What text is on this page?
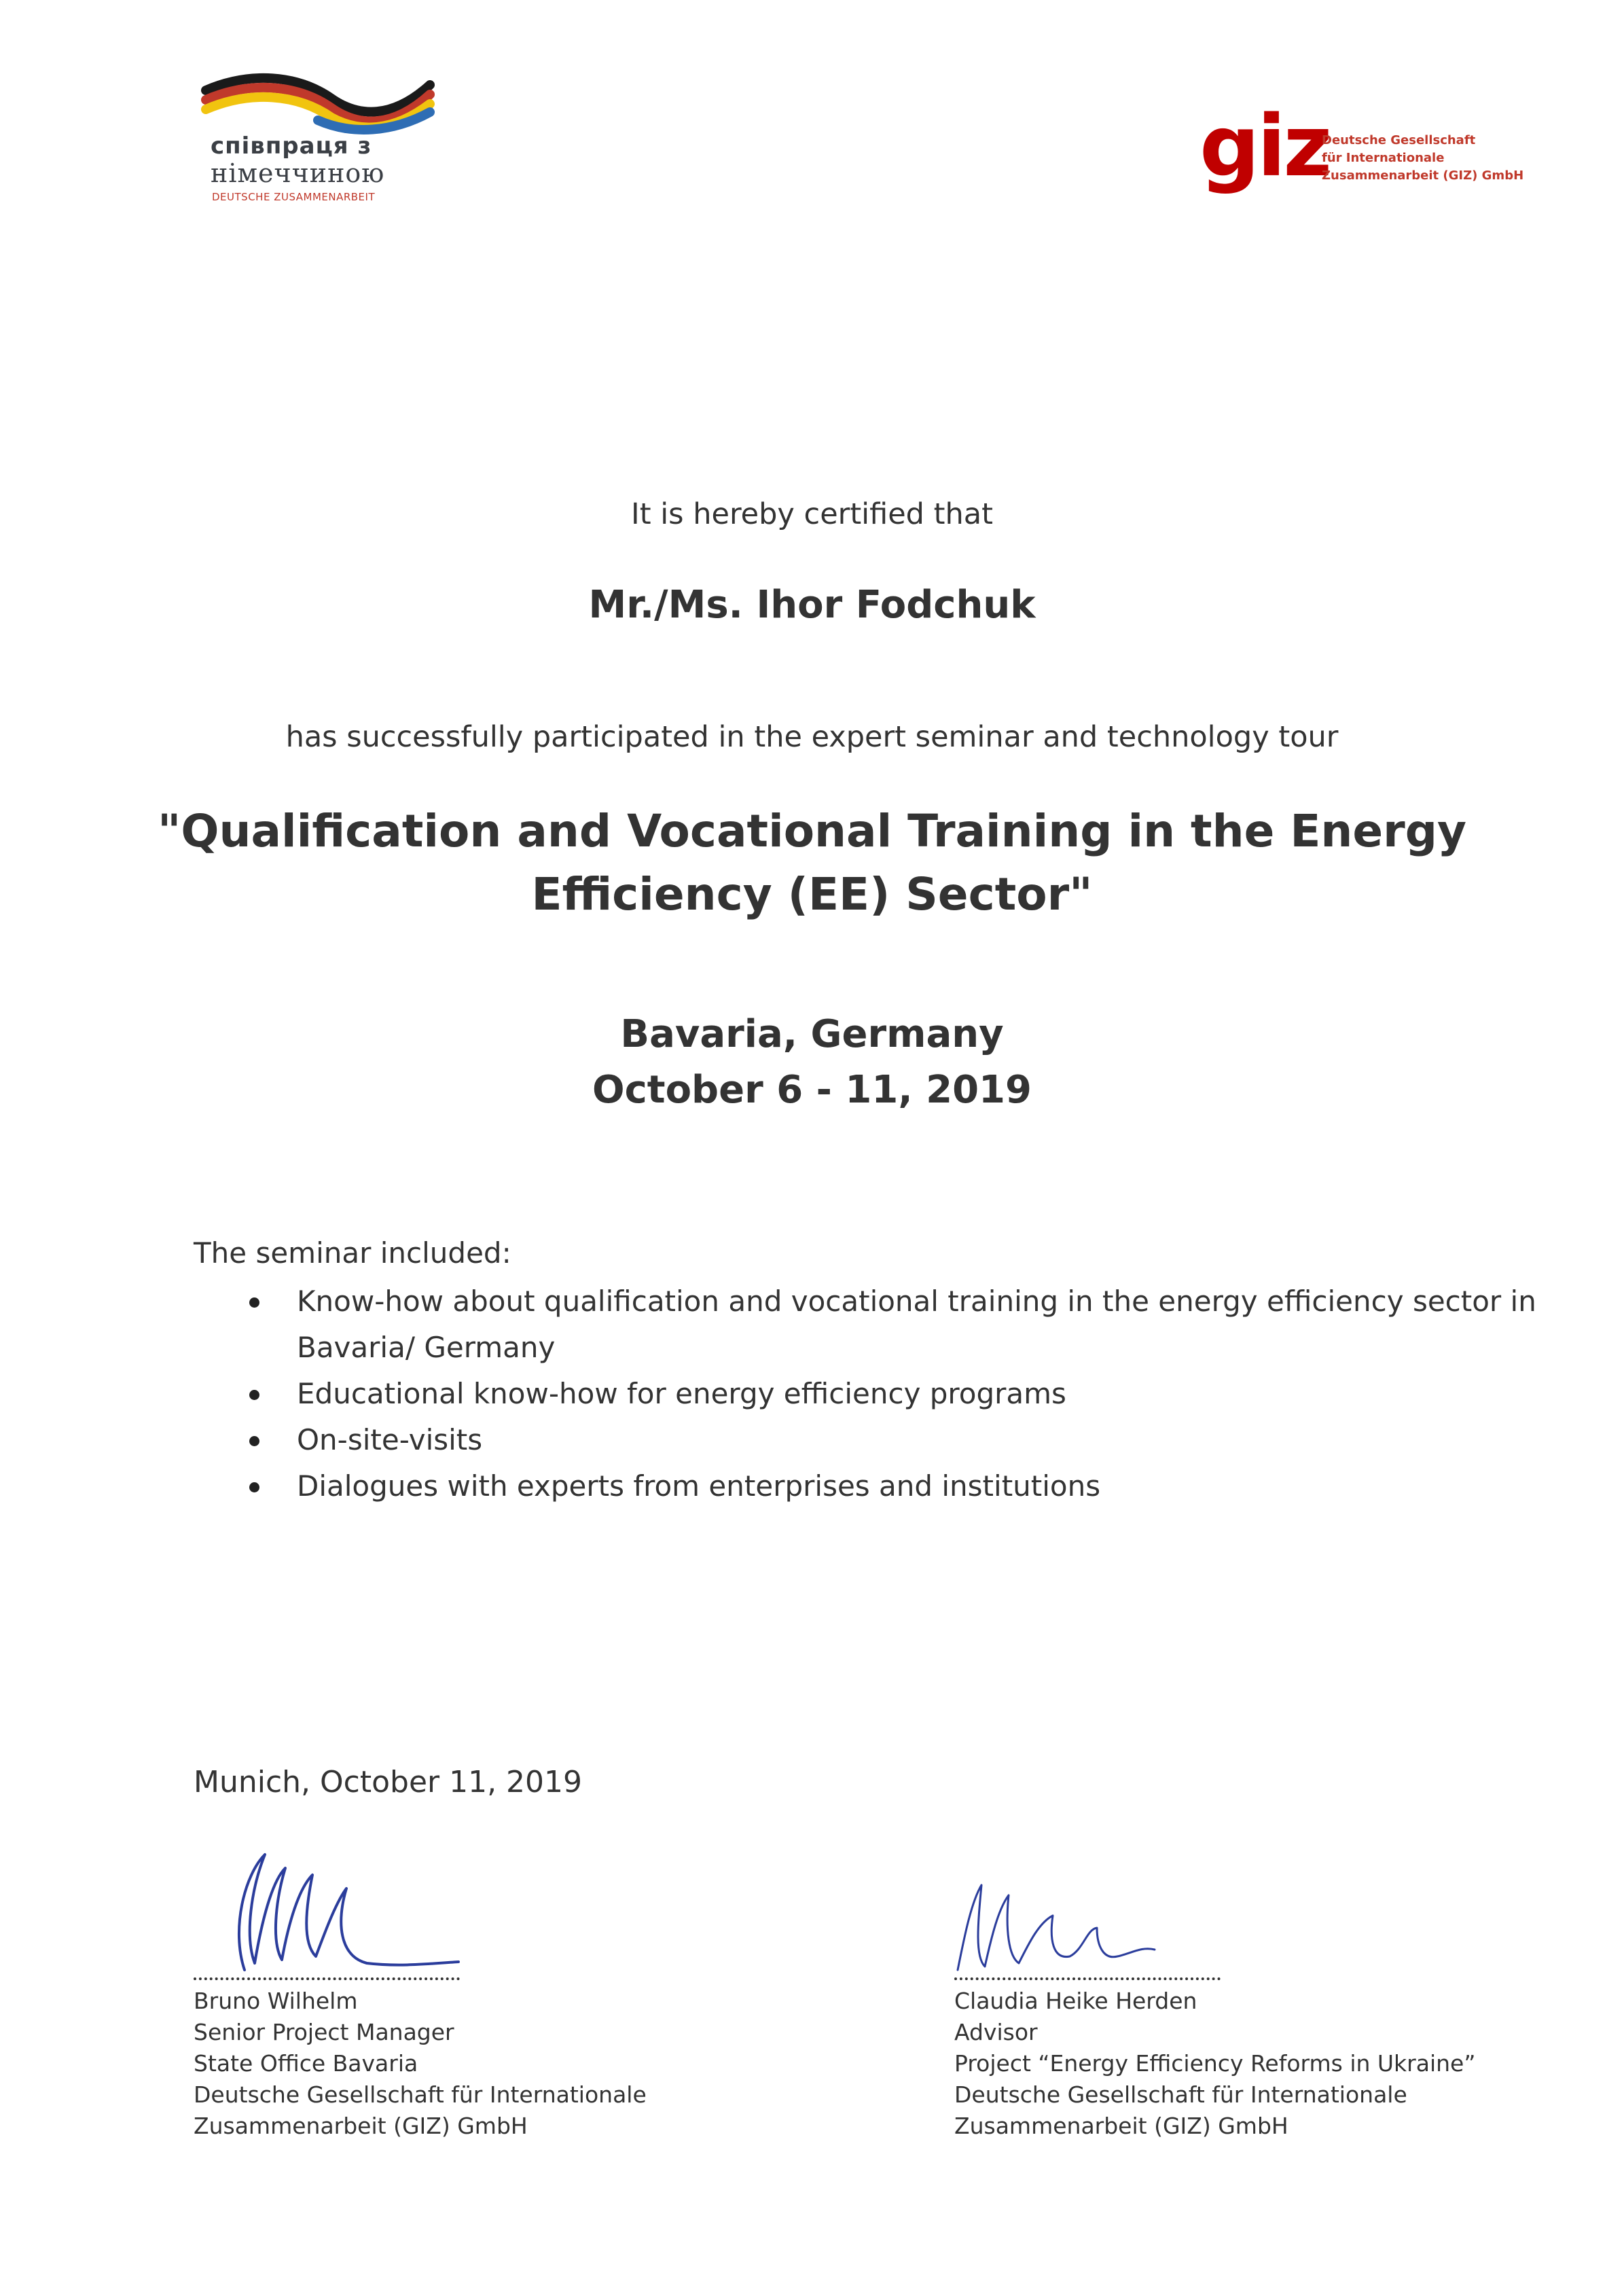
співпраця з
німеччиною
DEUTSCHE ZUSAMMENARBEIT
giz
Deutsche Gesellschaft
für Internationale
Zusammenarbeit (GIZ) GmbH
It is hereby certified that
Mr./Ms. Ihor Fodchuk
has successfully participated in the expert seminar and technology tour
"Qualification and Vocational Training in the Energy
Efficiency (EE) Sector"
Bavaria, Germany
October 6 - 11, 2019
The seminar included:
Know-how about qualification and vocational training in the energy efficiency sector in
Bavaria/ Germany
Educational know-how for energy efficiency programs
On-site-visits
Dialogues with experts from enterprises and institutions
Munich, October 11, 2019
Bruno Wilhelm
Senior Project Manager
State Office Bavaria
Deutsche Gesellschaft für Internationale
Zusammenarbeit (GIZ) GmbH
Claudia Heike Herden
Advisor
Project “Energy Efficiency Reforms in Ukraine”
Deutsche Gesellschaft für Internationale
Zusammenarbeit (GIZ) GmbH
